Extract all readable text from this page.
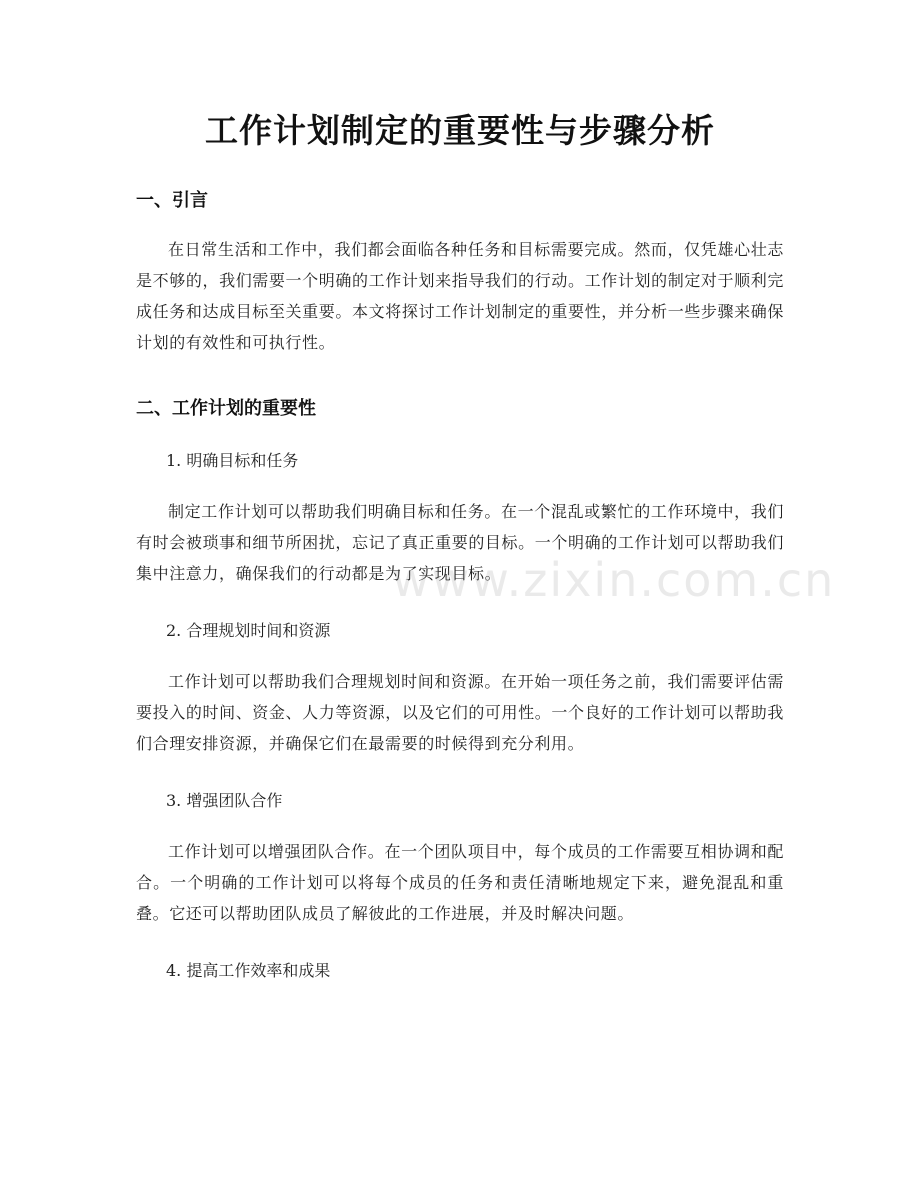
工作计划制定的重要性与步骤分析
一、引言

在日常生活和工作中，我们都会面临各种任务和目标需要完成。然而，仅凭雄心壮志是不够的，我们需要一个明确的工作计划来指导我们的行动。工作计划的制定对于顺利完成任务和达成目标至关重要。本文将探讨工作计划制定的重要性，并分析一些步骤来确保计划的有效性和可执行性。

二、工作计划的重要性
1. 明确目标和任务

制定工作计划可以帮助我们明确目标和任务。在一个混乱或繁忙的工作环境中，我们有时会被琐事和细节所困扰，忘记了真正重要的目标。一个明确的工作计划可以帮助我们集中注意力，确保我们的行动都是为了实现目标。

2. 合理规划时间和资源

工作计划可以帮助我们合理规划时间和资源。在开始一项任务之前，我们需要评估需要投入的时间、资金、人力等资源，以及它们的可用性。一个良好的工作计划可以帮助我们合理安排资源，并确保它们在最需要的时候得到充分利用。

3. 增强团队合作

工作计划可以增强团队合作。在一个团队项目中，每个成员的工作需要互相协调和配合。一个明确的工作计划可以将每个成员的任务和责任清晰地规定下来，避免混乱和重叠。它还可以帮助团队成员了解彼此的工作进展，并及时解决问题。

4. 提高工作效率和成果
www.zixin.com.cn
